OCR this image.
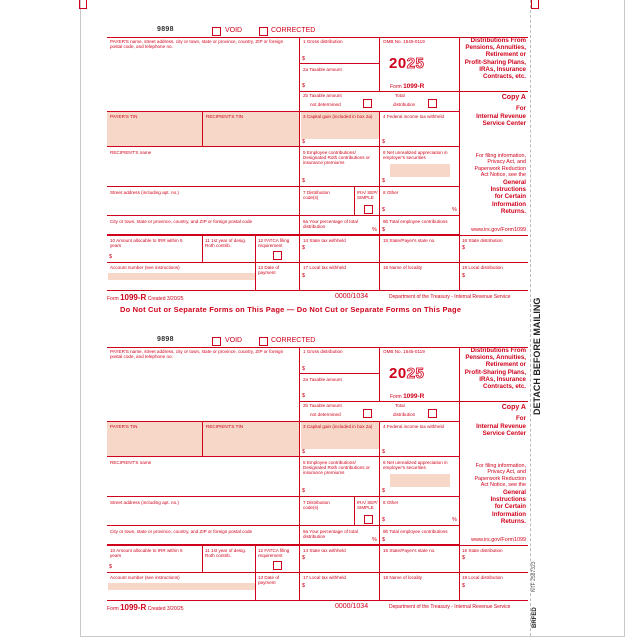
9898	VOID	CORRECTED
PAYER'S name, street address, city or town, state or province, country, ZIP or foreign postal code, and telephone no.
1 Gross distribution
$
OMB No. 1545-0119
2025
Form 1099-R
2a Taxable amount
$
Distributions From
Pensions, Annuities,
Retirement or
Profit-Sharing Plans,
IRAs, Insurance
Contracts, etc.
2b Taxable amount
not determined
Total
distribution
Copy A
For
Internal Revenue Service Center
For filing information,
Privacy Act, and
Paperwork Reduction
Act Notice, see the
General
Instructions
for Certain
Information
Returns.
www.irs.gov/Form1099
PAYER'S TIN	RECIPIENT'S TIN	3 Capital gain (included in box 2a)
$
4 Federal income tax withheld
$
RECIPIENT'S name	5 Employee contributions/ Designated Roth contributions or insurance premiums
$
6 Net unrealized appreciation in employer's securities
$
Street address (including apt. no.)	7 Distribution code(s)
IRA/ SEP/ SIMPLE
8 Other
$	%
City or town, state or province, country, and ZIP or foreign postal code	9a Your percentage of total distribution
%
9b Total employee contributions
$
10 Amount allocable to IRR within 5 years
$
11 1st year of desig. Roth contrib.
12 FATCA filing requirement
14 State tax withheld
$
15 State/Payer's state no.	16 State distribution
$
Account number (see instructions)	13 Date of payment
17 Local tax withheld
$
18 Name of locality	19 Local distribution
$
Form 1099-R Created 3/20/25	0000/1034	Department of the Treasury - Internal Revenue Service
Do Not Cut or Separate Forms on This Page — Do Not Cut or Separate Forms on This Page
9898	VOID	CORRECTED
PAYER'S name, street address, city or town, state or province, country, ZIP or foreign postal code, and telephone no.
1 Gross distribution
$
OMB No. 1545-0119
2025
Form 1099-R
2a Taxable amount
$
Distributions From
Pensions, Annuities,
Retirement or
Profit-Sharing Plans,
IRAs, Insurance
Contracts, etc.
2b Taxable amount
not determined
Total
distribution
Copy A
For
Internal Revenue Service Center
For filing information,
Privacy Act, and
Paperwork Reduction
Act Notice, see the
General
Instructions
for Certain
Information
Returns.
www.irs.gov/Form1099
PAYER'S TIN	RECIPIENT'S TIN	3 Capital gain (included in box 2a)
$
4 Federal income tax withheld
$
RECIPIENT'S name	5 Employee contributions/ Designated Roth contributions or insurance premiums
$
6 Net unrealized appreciation in employer's securities
$
Street address (including apt. no.)	7 Distribution code(s)
IRA/ SEP/ SIMPLE
8 Other
$	%
City or town, state or province, country, and ZIP or foreign postal code	9a Your percentage of total distribution
%
9b Total employee contributions
$
10 Amount allocable to IRR within 5 years
$
11 1st year of desig. Roth contrib.
12 FATCA filing requirement
14 State tax withheld
$
15 State/Payer's state no.	16 State distribution
$
Account number (see instructions)	13 Date of payment
17 Local tax withheld
$
18 Name of locality	19 Local distribution
$
Form 1099-R Created 3/20/25	0000/1034	Department of the Treasury - Internal Revenue Service
DETACH BEFORE MAILING
NTF 2587323
BRFED
